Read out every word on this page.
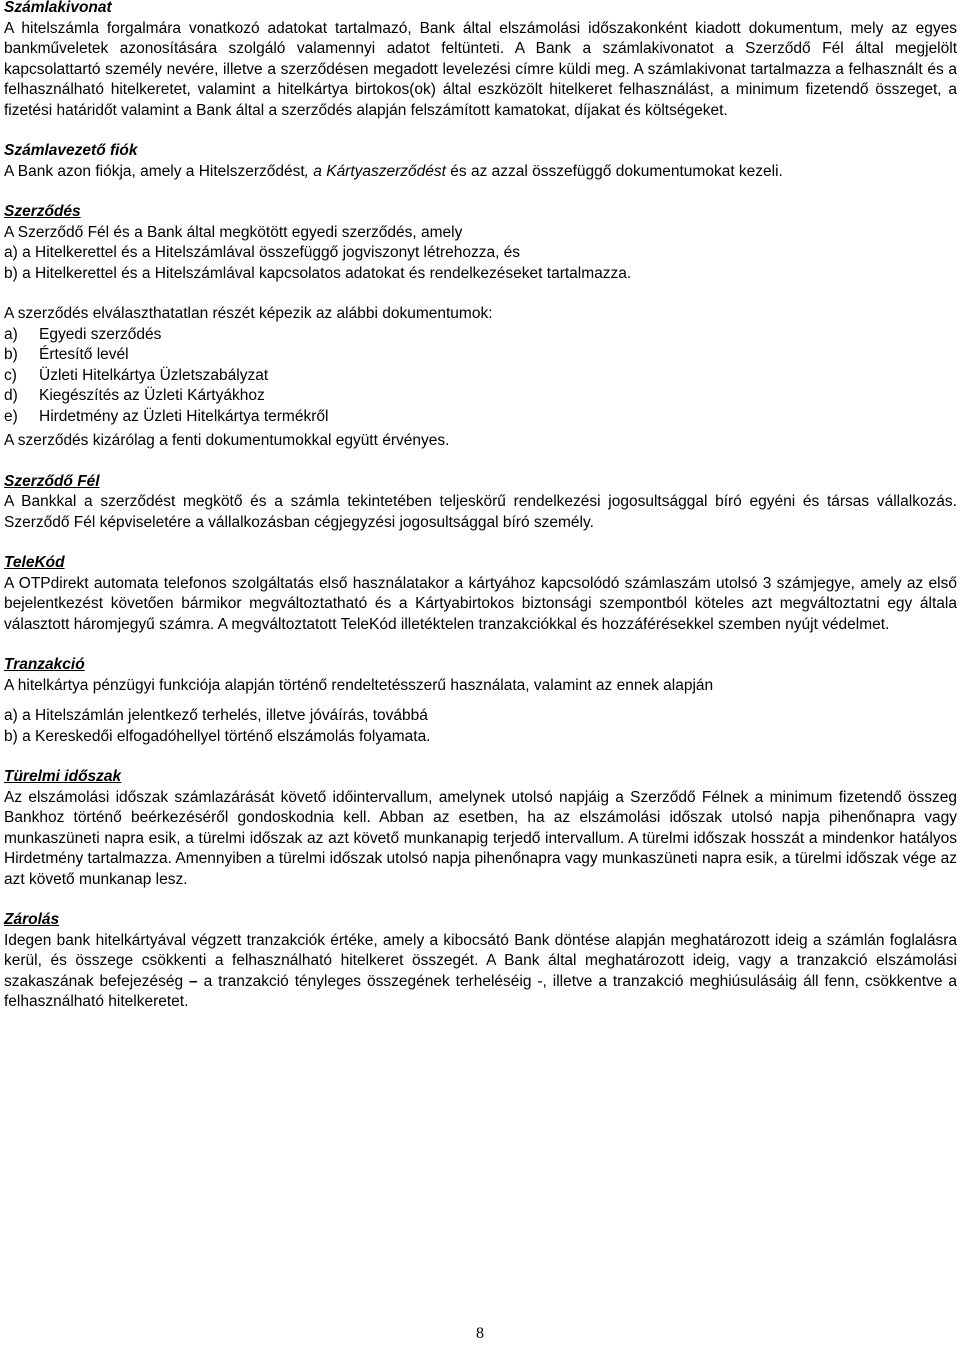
Számlakivonat

A hitelszámla forgalmára vonatkozó adatokat tartalmazó, Bank által elszámolási időszakonként kiadott dokumentum, mely az egyes bankműveletek azonosítására szolgáló valamennyi adatot feltünteti. A Bank a számlakivonatot a Szerződő Fél által megjelölt kapcsolattartó személy nevére, illetve a szerződésen megadott levelezési címre küldi meg. A számlakivonat tartalmazza a felhasznált és a felhasználható hitelkeretet, valamint a hitelkártya birtokos(ok) által eszközölt hitelkeret felhasználást, a minimum fizetendő összeget, a fizetési határidőt valamint a Bank által a szerződés alapján felszámított kamatokat, díjakat és költségeket.

Számlavezető fiók

A Bank azon fiókja, amely a Hitelszerződést, a Kártyaszerződést és az azzal összefüggő dokumentumokat kezeli.

Szerződés

A Szerződő Fél és a Bank által megkötött egyedi szerződés, amely

a) a Hitelkerettel és a Hitelszámlával összefüggő jogviszonyt létrehozza, és

b) a Hitelkerettel és a Hitelszámlával kapcsolatos adatokat és rendelkezéseket tartalmazza.

A szerződés elválaszthatatlan részét képezik az alábbi dokumentumok:

a)	Egyedi szerződés
b)	Értesítő levél
c)	Üzleti Hitelkártya Üzletszabályzat
d)	Kiegészítés az Üzleti Kártyákhoz
e)	Hirdetmény az Üzleti Hitelkártya termékről

A szerződés kizárólag a fenti dokumentumokkal együtt érvényes.

Szerződő Fél

A Bankkal a szerződést megkötő és a számla tekintetében teljeskörű rendelkezési jogosultsággal bíró egyéni és társas vállalkozás. Szerződő Fél képviseletére a vállalkozásban cégjegyzési jogosultsággal bíró személy.

TeleKód

A OTPdirekt automata telefonos szolgáltatás első használatakor a kártyához kapcsolódó számlaszám utolsó 3 számjegye, amely az első bejelentkezést követően bármikor megváltoztatható és a Kártyabirtokos biztonsági szempontból köteles azt megváltoztatni egy általa választott háromjegyű számra. A megváltoztatott TeleKód illetéktelen tranzakciókkal és hozzáférésekkel szemben nyújt védelmet.

Tranzakció

A hitelkártya pénzügyi funkciója alapján történő rendeltetésszerű használata, valamint az ennek alapján

a) a Hitelszámlán jelentkező terhelés, illetve jóváírás, továbbá

b) a Kereskedői elfogadóhellyel történő elszámolás folyamata.

Türelmi időszak

Az elszámolási időszak számlazárását követő időintervallum, amelynek utolsó napjáig a Szerződő Félnek a minimum fizetendő összeg Bankhoz történő beérkezéséről gondoskodnia kell. Abban az esetben, ha az elszámolási időszak utolsó napja pihenőnapra vagy munkaszüneti napra esik, a türelmi időszak az azt követő munkanapig terjedő intervallum. A türelmi időszak hosszát a mindenkor hatályos Hirdetmény tartalmazza. Amennyiben a türelmi időszak utolsó napja pihenőnapra vagy munkaszüneti napra esik, a türelmi időszak vége az azt követő munkanap lesz.

Zárolás

Idegen bank hitelkártyával végzett tranzakciók értéke, amely a kibocsátó Bank döntése alapján meghatározott ideig a számlán foglalásra kerül, és összege csökkenti a felhasználható hitelkeret összegét. A Bank által meghatározott ideig, vagy a tranzakció elszámolási szakaszának befejezéség – a tranzakció tényleges összegének terheléséig -, illetve a tranzakció meghiúsulásáig áll fenn, csökkentve a felhasználható hitelkeretet.

8
